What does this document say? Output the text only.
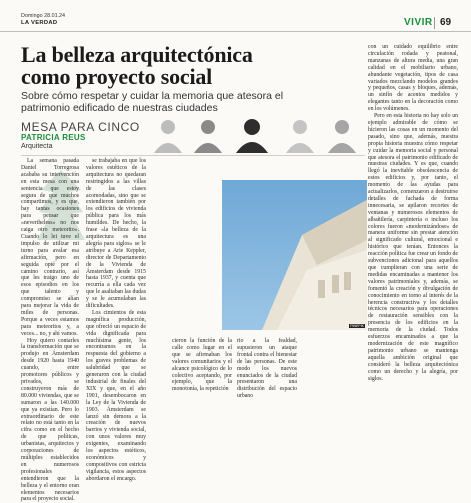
Domingo 28.01.24
LA VERDAD	VIVIR 69
La belleza arquitectónica
como proyecto social
Sobre cómo respetar y cuidar la memoria que atesora el patrimonio edificado de nuestras ciudades
MESA PARA CINCO
PATRICIA REUS
Arquitecta

La semana pasada Daniel Torregrosa acababa su intervención en esta mesa con una sentencia que estoy segura de que muchos compartimos, y es que, hay tantas ocasiones para pensar que «nevertheless» no nos caiga otro meteorito». Cuando lo lei tuve el impulso de utilizar mi turno para avalar esa afirmación, pero en seguida opté por el camino contrario, así que les traigo uno de esos episodios en los que talento y compromiso se alían para mejorar la vida de miles de personas. Porque a veces estamos para meteoritos y, a veces... no, y ahí vamos.

Hoy quiero contarles la transformación que se produjo en Ámsterdam desde 1920 hasta 1940 cuando, entre promotores públicos y privados, se construyeron más de 80.000 viviendas, que se sumaron a las 140.000 que ya existían. Pero lo extraordinario de este relato no está tanto en la cifra como en el hecho de que políticas, urbanistas, arquitectos y corporaciones de múltiples establecidos en numerosos profesionales entendieron que la belleza y el entorno eran elementos necesarios para el proyecto social.

se trabajaba en que los valores estéticos de la arquitectura no quedaran restringidos a las villas de las clases acomodadas, sino que se extendieron también por los edificios de vivienda pública para los más humildes. De hecho, la frase «la belleza de la arquitectura es una alegría para siglos» se le atribuye a Arie Keppler, director de Departamento de la Vivienda de Ámsterdam desde 1915 hasta 1937, y cuenta que recurría a ella cada vez que le asaltaban las dudas y se le acumulaban las dificultades.

Los cimientos de esta magnífica producción, que ofreció un espacio de vida dignificada para muchísima gente, los encontramos en la respuesta del gobierno a los graves problemas de salubridad que se generaron con la ciudad industrial de finales del XIX y que, en el año 1901, desembocaron en la Ley de la Vivienda de 1903. Ámsterdam se lanzó sin demora a la creación de nuevos barrios y vivienda social, con unos valores muy exigentes, examinando los aspectos estéticos, económicos y compositivos con estricta vigilancia, estos aspectos abordaron el encargo.

PINEPIK

cieron la función de la calle como lugar en el que se afirmaban los valores comunitarios y el alcance psicológico de lo colectivo aceptando, por ejemplo, que la monotonía, la repetición

rio a la fealdad, supusieron un ataque frontal contra el bienestar de las personas. De este modo los nuevos enunciados de la ciudad presentaron una distribución del espacio urbano

con un cuidado equilibrio entre circulación rodada y peatonal, manzanas de altura media, una gran calidad en el mobiliario urbano, abundante vegetación, tipos de casa variados mezclando modelos grandes y pequeños, casas y bloques, además, un sinfín de acentos medidos y elegantes tanto en la decoración como en los volúmenes.

Pero en esta historia no hay solo un ejemplo admirable de cómo se hicieron las cosas en un momento del pasado, sino que, además, nuestra propia historia muestra cómo respetar y cuidar la memoria social y personal que atesora el patrimonio edificado de nuestras ciudades. Y es que, cuando llegó la inevitable obsolescencia de estos edificios y, por tanto, el momento de las ayudas para actualizarlos, comenzaron a destruirse detalles de fachada de forma innecesaria, se apilaron recortes de ventanas y numerosos elementos de albañilería, carpintería o incluso los colores fueron «modernizándose» de manera uniforme sin prestar atención al significado cultural, emocional e histórico que tenían. Entonces la reacción política fue crear un fondo de subvenciones adicional para aquellos que cumplieran con una serie de medidas encaminadas a mantener los valores patrimoniales y, además, se fomentó la creación y divulgación de conocimiento en torno al interés de la herencia constructiva y los detalles técnicos necesarios para operaciones de restauración sensibles con la presencia de los edificios en la memoria de la ciudad. Todos esfuerzos encaminados a que la modernización de este magnífico patrimonio urbano se mantenga aquella ambición original que consideró la belleza arquitectónica como un derecho y la alegría, por siglos.
